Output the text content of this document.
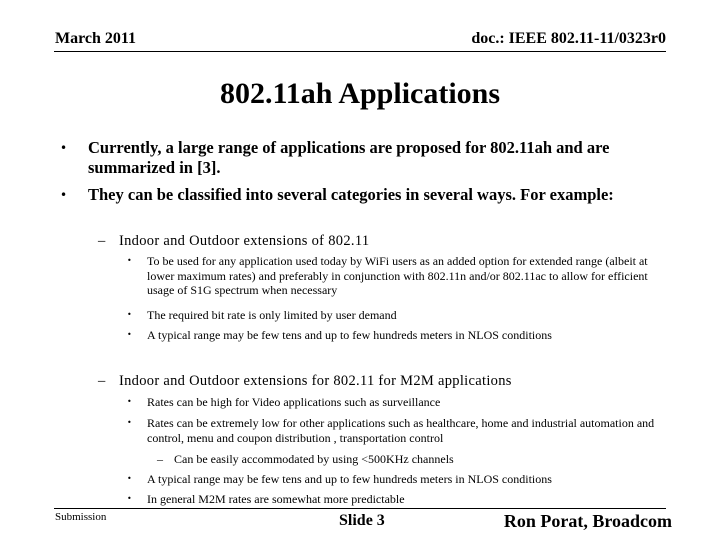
March 2011	doc.: IEEE 802.11-11/0323r0
802.11ah Applications
• Currently, a large range of applications are proposed for 802.11ah and are summarized in [3].
• They can be classified into several categories in several ways. For example:
– Indoor and Outdoor extensions of 802.11
• To be used for any application used today by WiFi users as an added option for extended range (albeit at lower maximum rates) and preferably in conjunction with 802.11n and/or 802.11ac to allow for efficient usage of S1G spectrum when necessary
• The required bit rate is only limited by user demand
• A typical range may be few tens and up to few hundreds meters in NLOS conditions
– Indoor and Outdoor extensions for 802.11 for M2M applications
• Rates can be high for Video applications such as surveillance
• Rates can be extremely low for other applications such as healthcare, home and industrial automation and control, menu and coupon distribution , transportation control
– Can be easily accommodated by using <500KHz channels
• A typical range may be few tens and up to few hundreds meters in NLOS conditions
• In general M2M rates are somewhat more predictable
Submission	Slide 3	Ron Porat, Broadcom
